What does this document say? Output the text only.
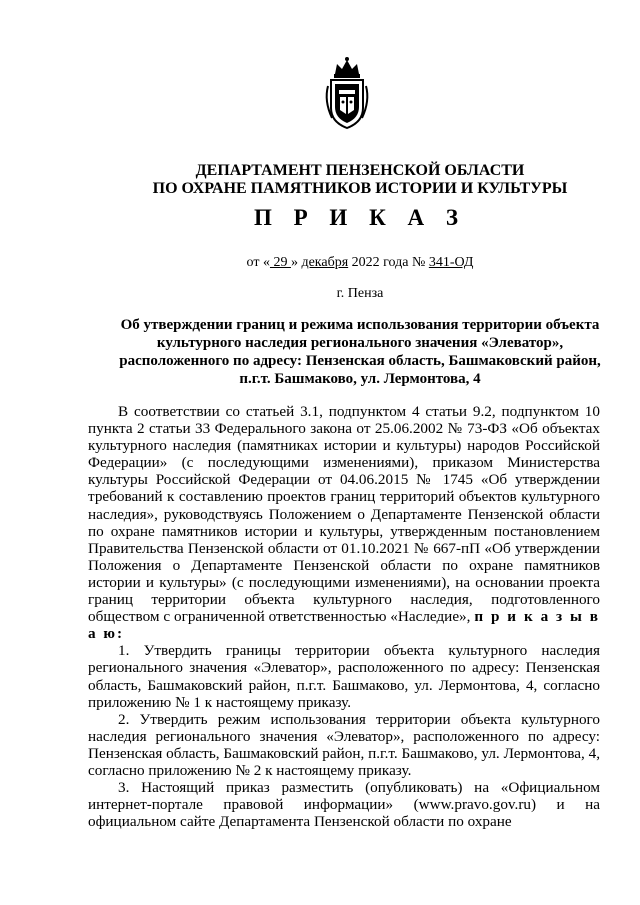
ДЕПАРТАМЕНТ ПЕНЗЕНСКОЙ ОБЛАСТИ
ПО ОХРАНЕ ПАМЯТНИКОВ ИСТОРИИ И КУЛЬТУРЫ
П Р И К А З
от « 29 » декабря 2022 года № 341-ОД
г. Пенза
Об утверждении границ и режима использования территории объекта
культурного наследия регионального значения «Элеватор»,
расположенного по адресу: Пензенская область, Башмаковский район,
п.г.т. Башмаково, ул. Лермонтова, 4

В соответствии со статьей 3.1, подпунктом 4 статьи 9.2, подпунктом 10 пункта 2 статьи 33 Федерального закона от 25.06.2002 № 73-ФЗ «Об объектах культурного наследия (памятниках истории и культуры) народов Российской Федерации» (с последующими изменениями), приказом Министерства культуры Российской Федерации от 04.06.2015 № 1745 «Об утверждении требований к составлению проектов границ территорий объектов культурного наследия», руководствуясь Положением о Департаменте Пензенской области по охране памятников истории и культуры, утвержденным постановлением Правительства Пензенской области от 01.10.2021 № 667-пП «Об утверждении Положения о Департаменте Пензенской области по охране памятников истории и культуры» (с последующими изменениями), на основании проекта границ территории объекта культурного наследия, подготовленного обществом с ограниченной ответственностью «Наследие», п р и к а з ы в а ю:

1. Утвердить границы территории объекта культурного наследия регионального значения «Элеватор», расположенного по адресу: Пензенская область, Башмаковский район, п.г.т. Башмаково, ул. Лермонтова, 4, согласно приложению № 1 к настоящему приказу.

2. Утвердить режим использования территории объекта культурного наследия регионального значения «Элеватор», расположенного по адресу: Пензенская область, Башмаковский район, п.г.т. Башмаково, ул. Лермонтова, 4, согласно приложению № 2 к настоящему приказу.

3. Настоящий приказ разместить (опубликовать) на «Официальном интернет-портале правовой информации» (www.pravo.gov.ru) и на официальном сайте Департамента Пензенской области по охране
